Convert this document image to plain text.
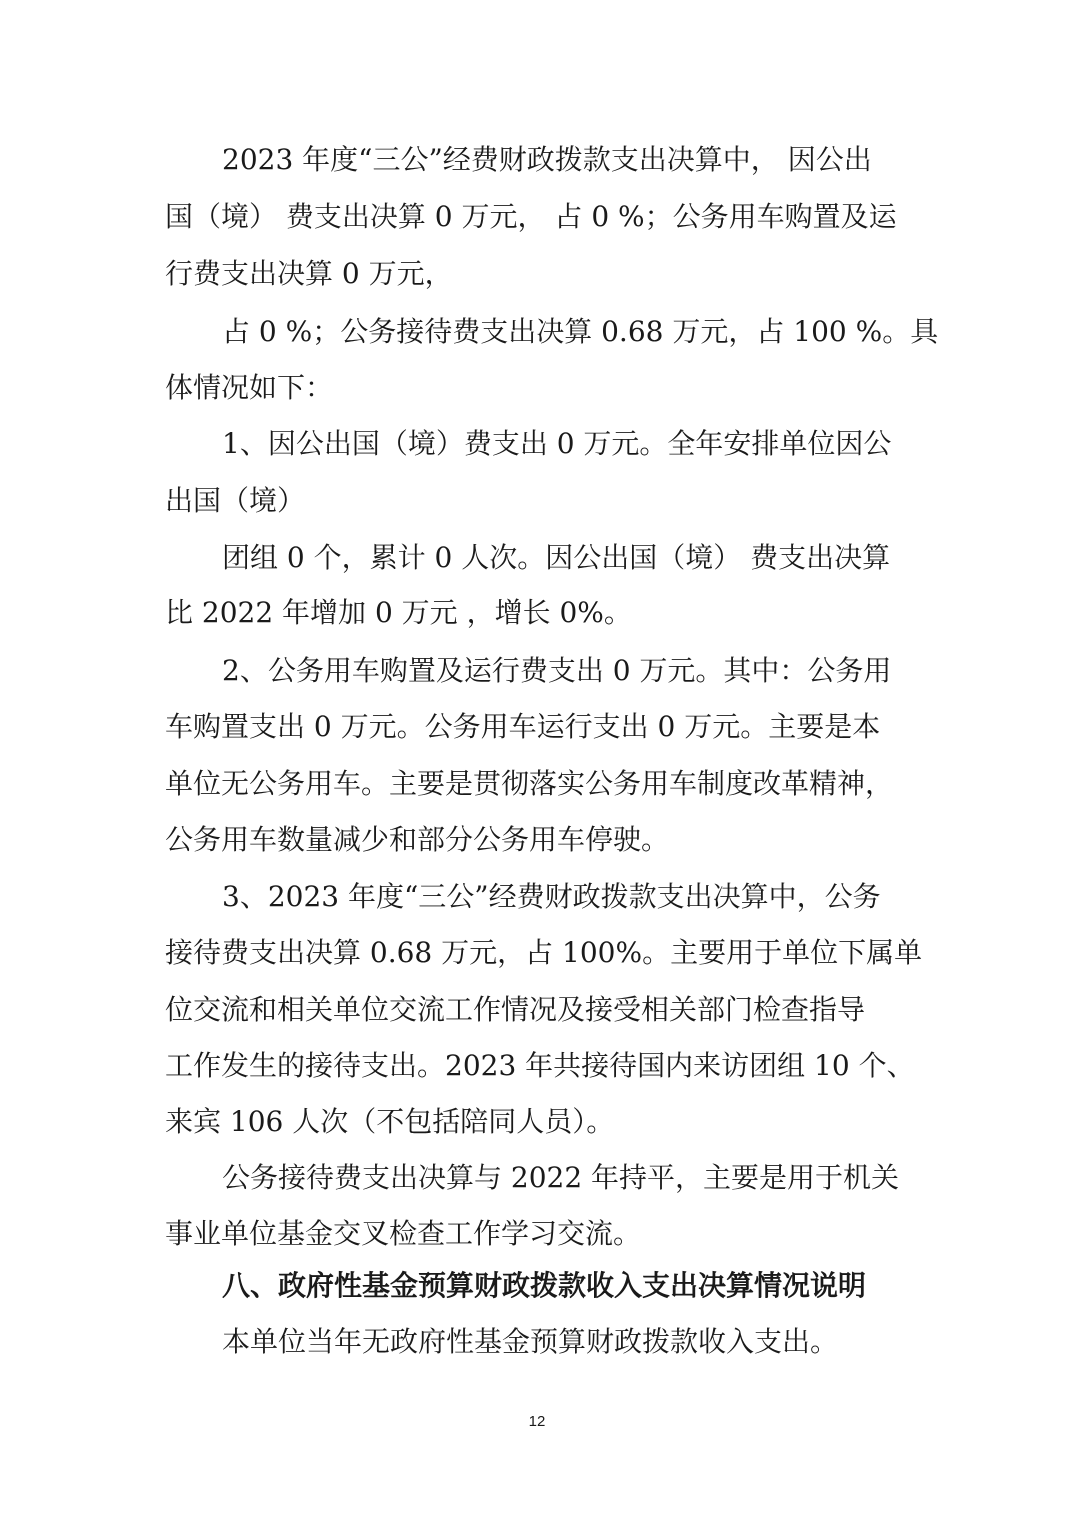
2023 年度“三公”经费财政拨款支出决算中， 因公出
国（境） 费支出决算 0 万元， 占 0 %；公务用车购置及运
行费支出决算 0 万元，
占 0 %；公务接待费支出决算 0.68 万元，占 100 %。具
体情况如下：
1、因公出国（境）费支出 0 万元。全年安排单位因公
出国（境）
团组 0 个，累计 0 人次。因公出国（境） 费支出决算
比 2022 年增加 0 万元 ，增长 0%。
2、公务用车购置及运行费支出 0 万元。其中：公务用
车购置支出 0 万元。公务用车运行支出 0 万元。主要是本
单位无公务用车。主要是贯彻落实公务用车制度改革精神，
公务用车数量减少和部分公务用车停驶。
3、2023 年度“三公”经费财政拨款支出决算中，公务
接待费支出决算 0.68 万元，占 100%。主要用于单位下属单
位交流和相关单位交流工作情况及接受相关部门检查指导
工作发生的接待支出。2023 年共接待国内来访团组 10 个、
来宾 106 人次（不包括陪同人员）。
公务接待费支出决算与 2022 年持平，主要是用于机关
事业单位基金交叉检查工作学习交流。
八、政府性基金预算财政拨款收入支出决算情况说明
本单位当年无政府性基金预算财政拨款收入支出。
12
